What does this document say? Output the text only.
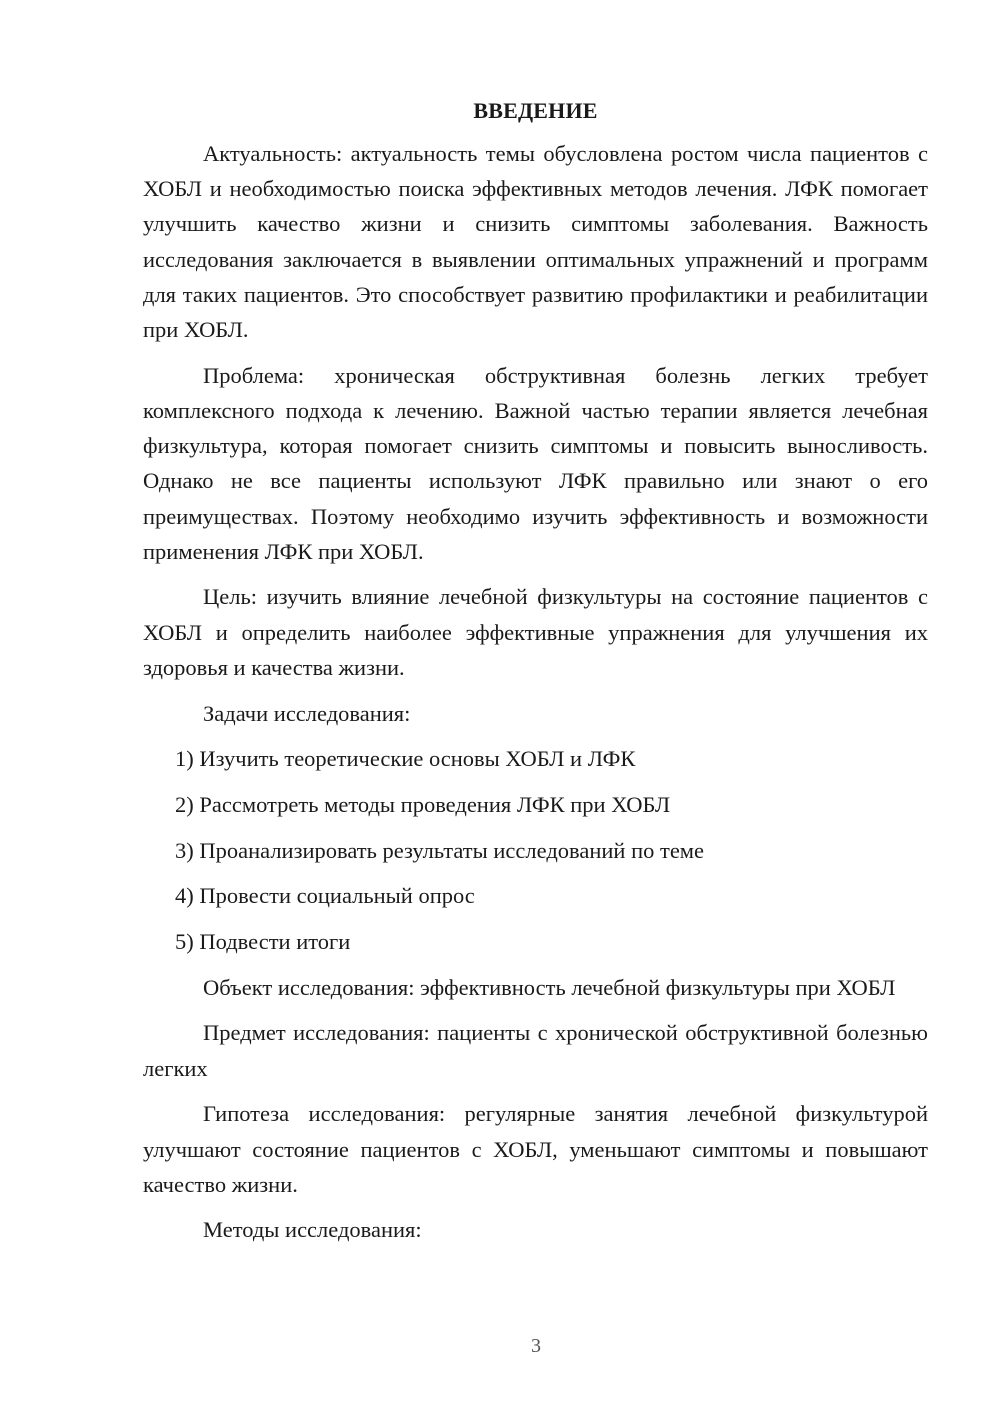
ВВЕДЕНИЕ

Актуальность: актуальность темы обусловлена ростом числа пациентов с ХОБЛ и необходимостью поиска эффективных методов лечения. ЛФК помогает улучшить качество жизни и снизить симптомы заболевания. Важность исследования заключается в выявлении оптимальных упражнений и программ для таких пациентов. Это способствует развитию профилактики и реабилитации при ХОБЛ.

Проблема: хроническая обструктивная болезнь легких требует комплексного подхода к лечению. Важной частью терапии является лечебная физкультура, которая помогает снизить симптомы и повысить выносливость. Однако не все пациенты используют ЛФК правильно или знают о его преимуществах. Поэтому необходимо изучить эффективность и возможности применения ЛФК при ХОБЛ.

Цель: изучить влияние лечебной физкультуры на состояние пациентов с ХОБЛ и определить наиболее эффективные упражнения для улучшения их здоровья и качества жизни.

Задачи исследования:

1) Изучить теоретические основы ХОБЛ и ЛФК
2) Рассмотреть методы проведения ЛФК при ХОБЛ
3) Проанализировать результаты исследований по теме
4) Провести социальный опрос
5) Подвести итоги

Объект исследования: эффективность лечебной физкультуры при ХОБЛ

Предмет исследования: пациенты с хронической обструктивной болезнью легких

Гипотеза исследования: регулярные занятия лечебной физкультурой улучшают состояние пациентов с ХОБЛ, уменьшают симптомы и повышают качество жизни.

Методы исследования:

3
